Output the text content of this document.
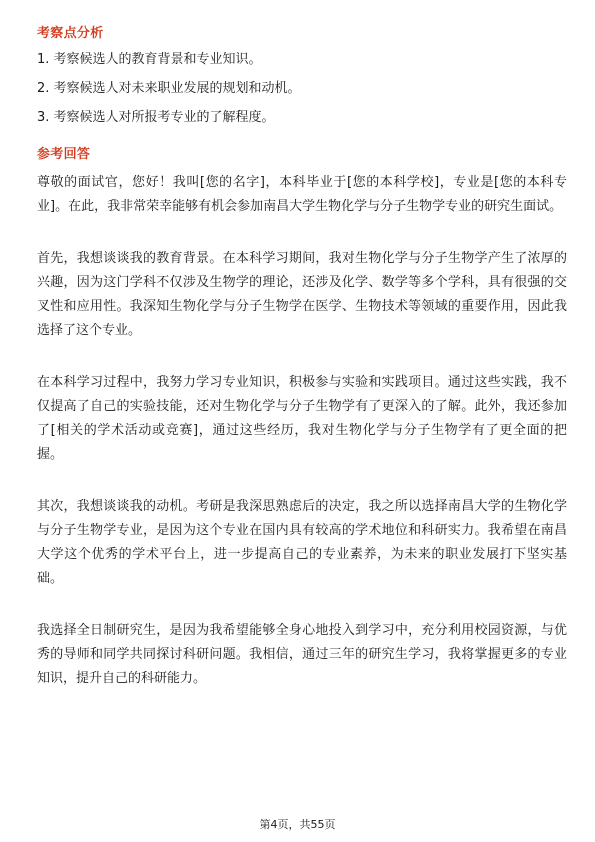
考察点分析
1. 考察候选人的教育背景和专业知识。
2. 考察候选人对未来职业发展的规划和动机。
3. 考察候选人对所报考专业的了解程度。
参考回答

尊敬的面试官，您好！我叫[您的名字]，本科毕业于[您的本科学校]，专业是[您的本科专业]。在此，我非常荣幸能够有机会参加南昌大学生物化学与分子生物学专业的研究生面试。

首先，我想谈谈我的教育背景。在本科学习期间，我对生物化学与分子生物学产生了浓厚的兴趣，因为这门学科不仅涉及生物学的理论，还涉及化学、数学等多个学科，具有很强的交叉性和应用性。我深知生物化学与分子生物学在医学、生物技术等领域的重要作用，因此我选择了这个专业。

在本科学习过程中，我努力学习专业知识，积极参与实验和实践项目。通过这些实践，我不仅提高了自己的实验技能，还对生物化学与分子生物学有了更深入的了解。此外，我还参加了[相关的学术活动或竞赛]，通过这些经历，我对生物化学与分子生物学有了更全面的把握。

其次，我想谈谈我的动机。考研是我深思熟虑后的决定，我之所以选择南昌大学的生物化学与分子生物学专业，是因为这个专业在国内具有较高的学术地位和科研实力。我希望在南昌大学这个优秀的学术平台上，进一步提高自己的专业素养，为未来的职业发展打下坚实基础。

我选择全日制研究生，是因为我希望能够全身心地投入到学习中，充分利用校园资源，与优秀的导师和同学共同探讨科研问题。我相信，通过三年的研究生学习，我将掌握更多的专业知识，提升自己的科研能力。

第4页，共55页
